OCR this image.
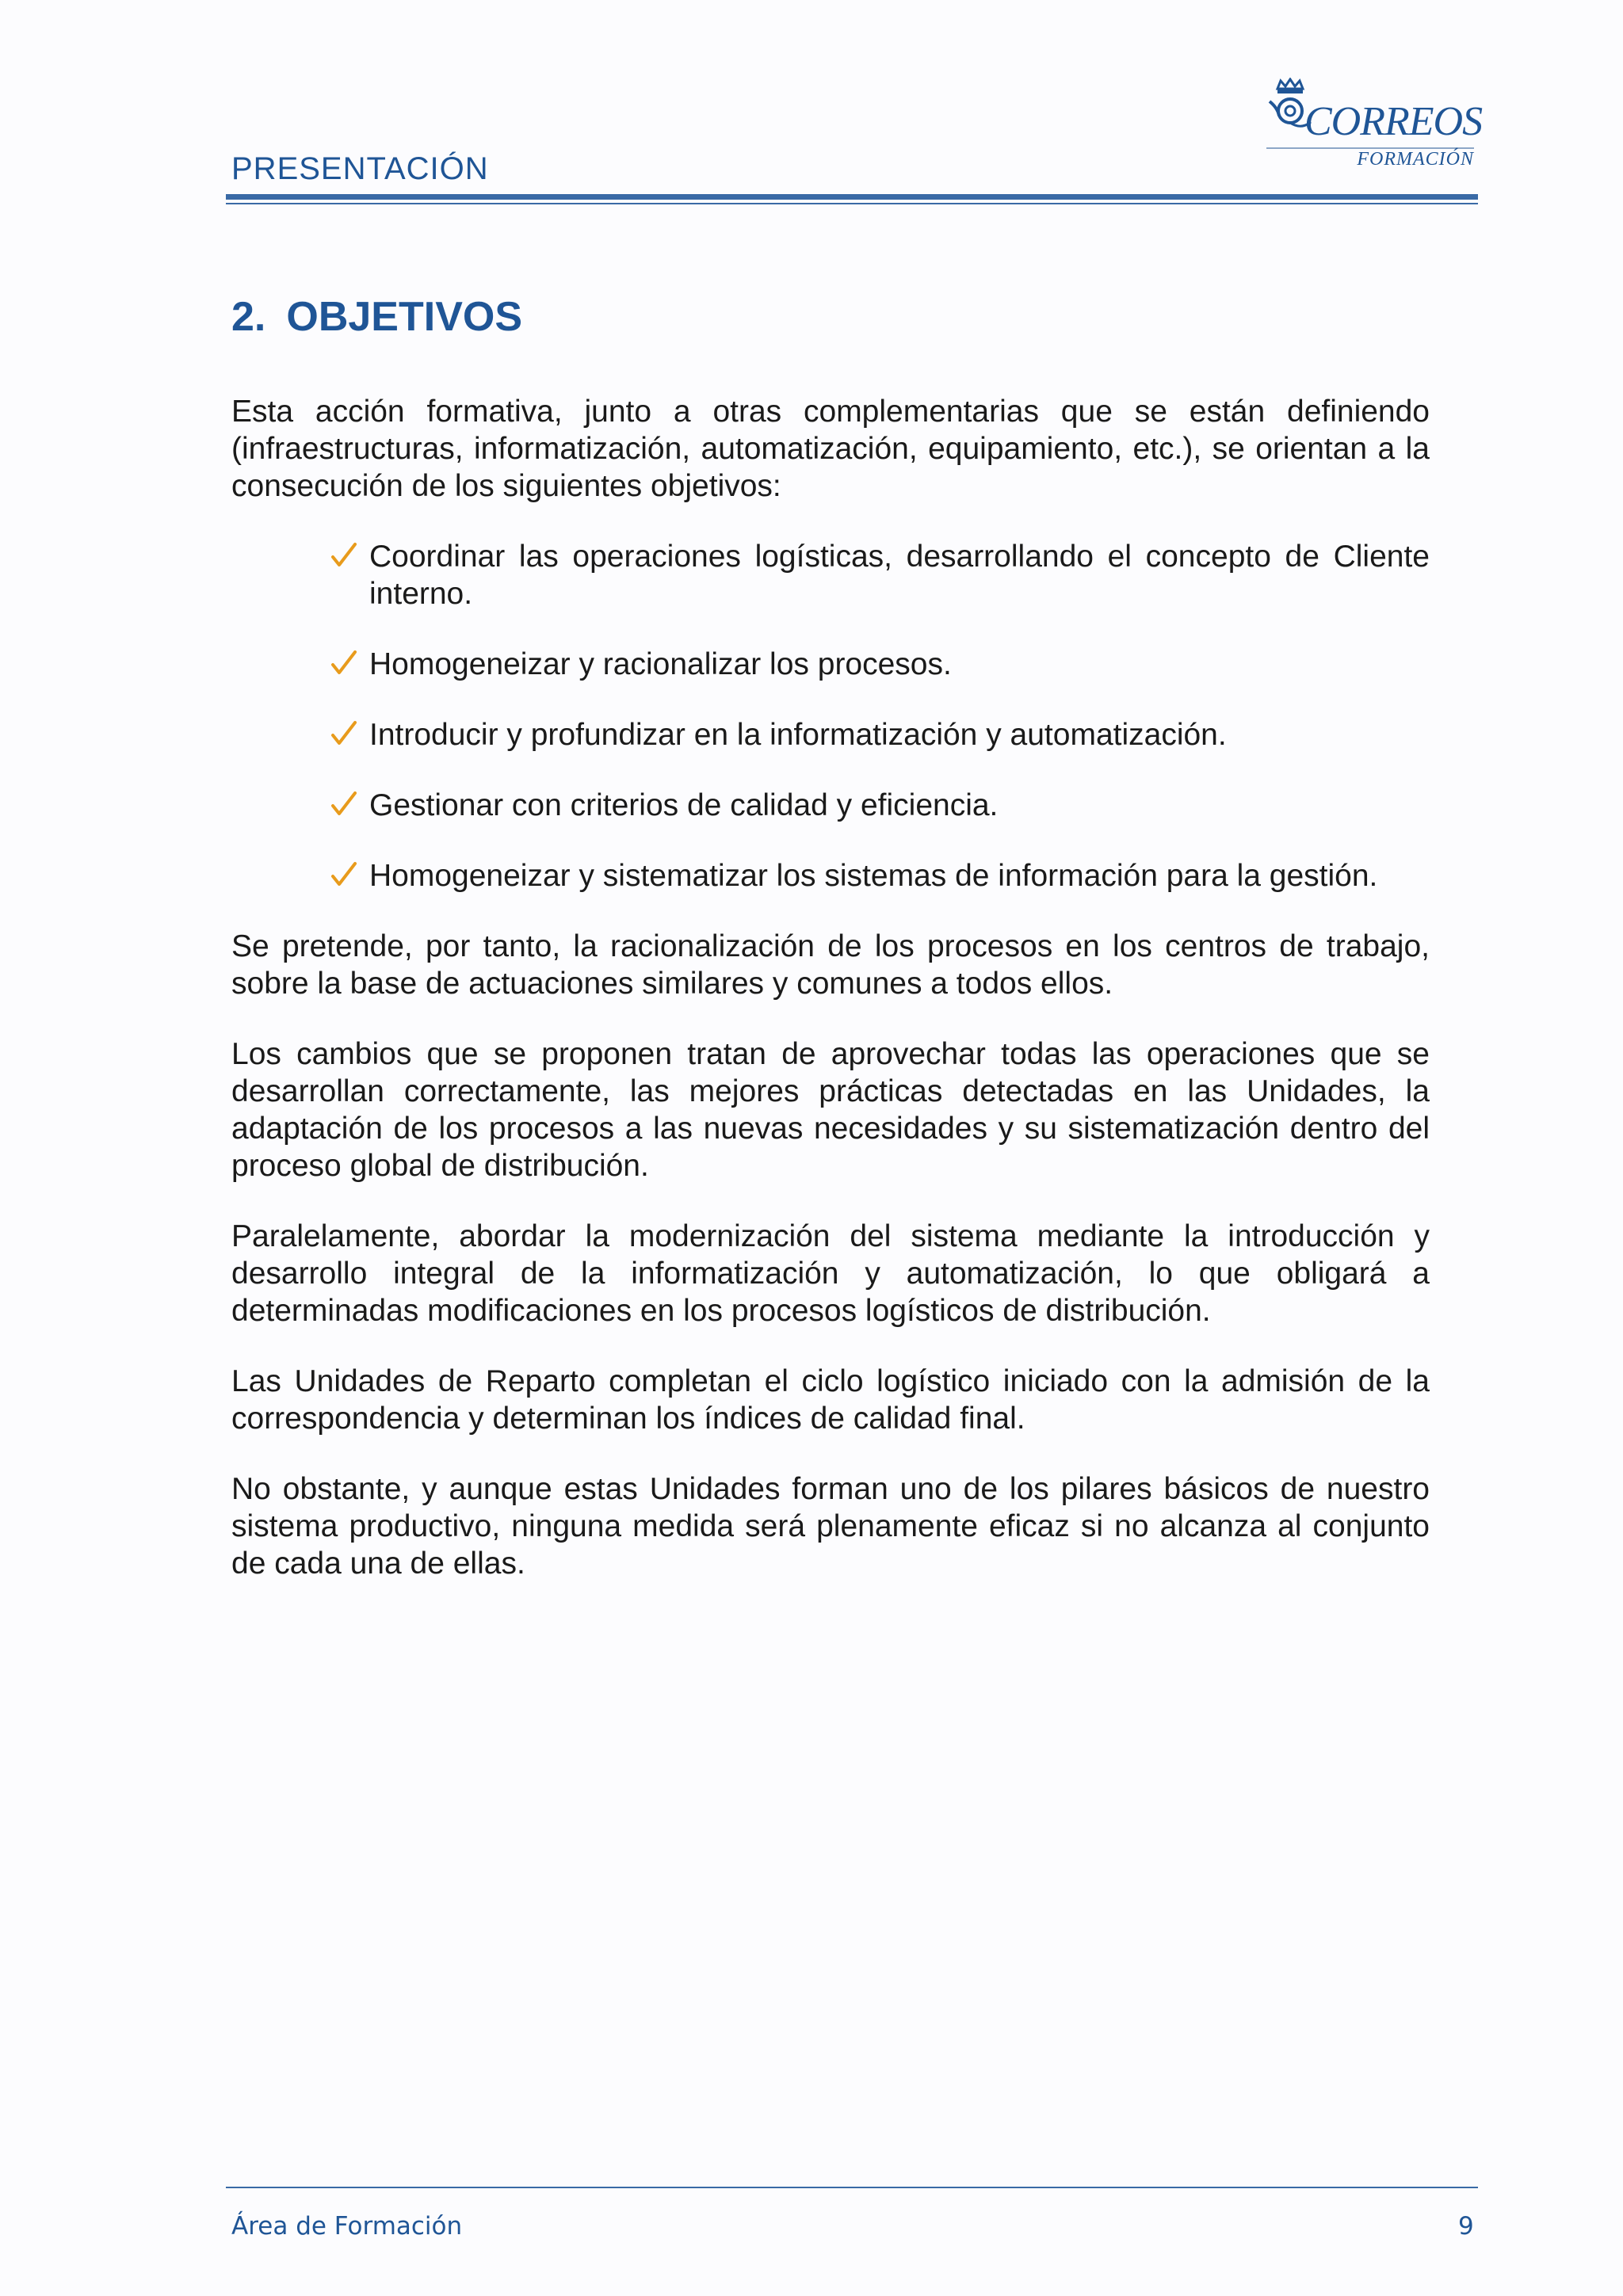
PRESENTACIÓN
CORREOS
FORMACIÓN
2. OBJETIVOS

Esta acción formativa, junto a otras complementarias que se están definiendo (infraestructuras, informatización, automatización, equipamiento, etc.), se orientan a la consecución de los siguientes objetivos:

Coordinar las operaciones logísticas, desarrollando el concepto de Cliente interno.
Homogeneizar y racionalizar los procesos.
Introducir y profundizar en la informatización y automatización.
Gestionar con criterios de calidad y eficiencia.
Homogeneizar y sistematizar los sistemas de información para la gestión.

Se pretende, por tanto, la racionalización de los procesos en los centros de trabajo, sobre la base de actuaciones similares y comunes a todos ellos.

Los cambios que se proponen tratan de aprovechar todas las operaciones que se desarrollan correctamente, las mejores prácticas detectadas en las Unidades, la adaptación de los procesos a las nuevas necesidades y su sistematización dentro del proceso global de distribución.

Paralelamente, abordar la modernización del sistema mediante la introducción y desarrollo integral de la informatización y automatización, lo que obligará a determinadas modificaciones en los procesos logísticos de distribución.

Las Unidades de Reparto completan el ciclo logístico iniciado con la admisión de la correspondencia y determinan los índices de calidad final.

No obstante, y aunque estas Unidades forman uno de los pilares básicos de nuestro sistema productivo, ninguna medida será plenamente eficaz si no alcanza al conjunto de cada una de ellas.

Área de Formación	9
